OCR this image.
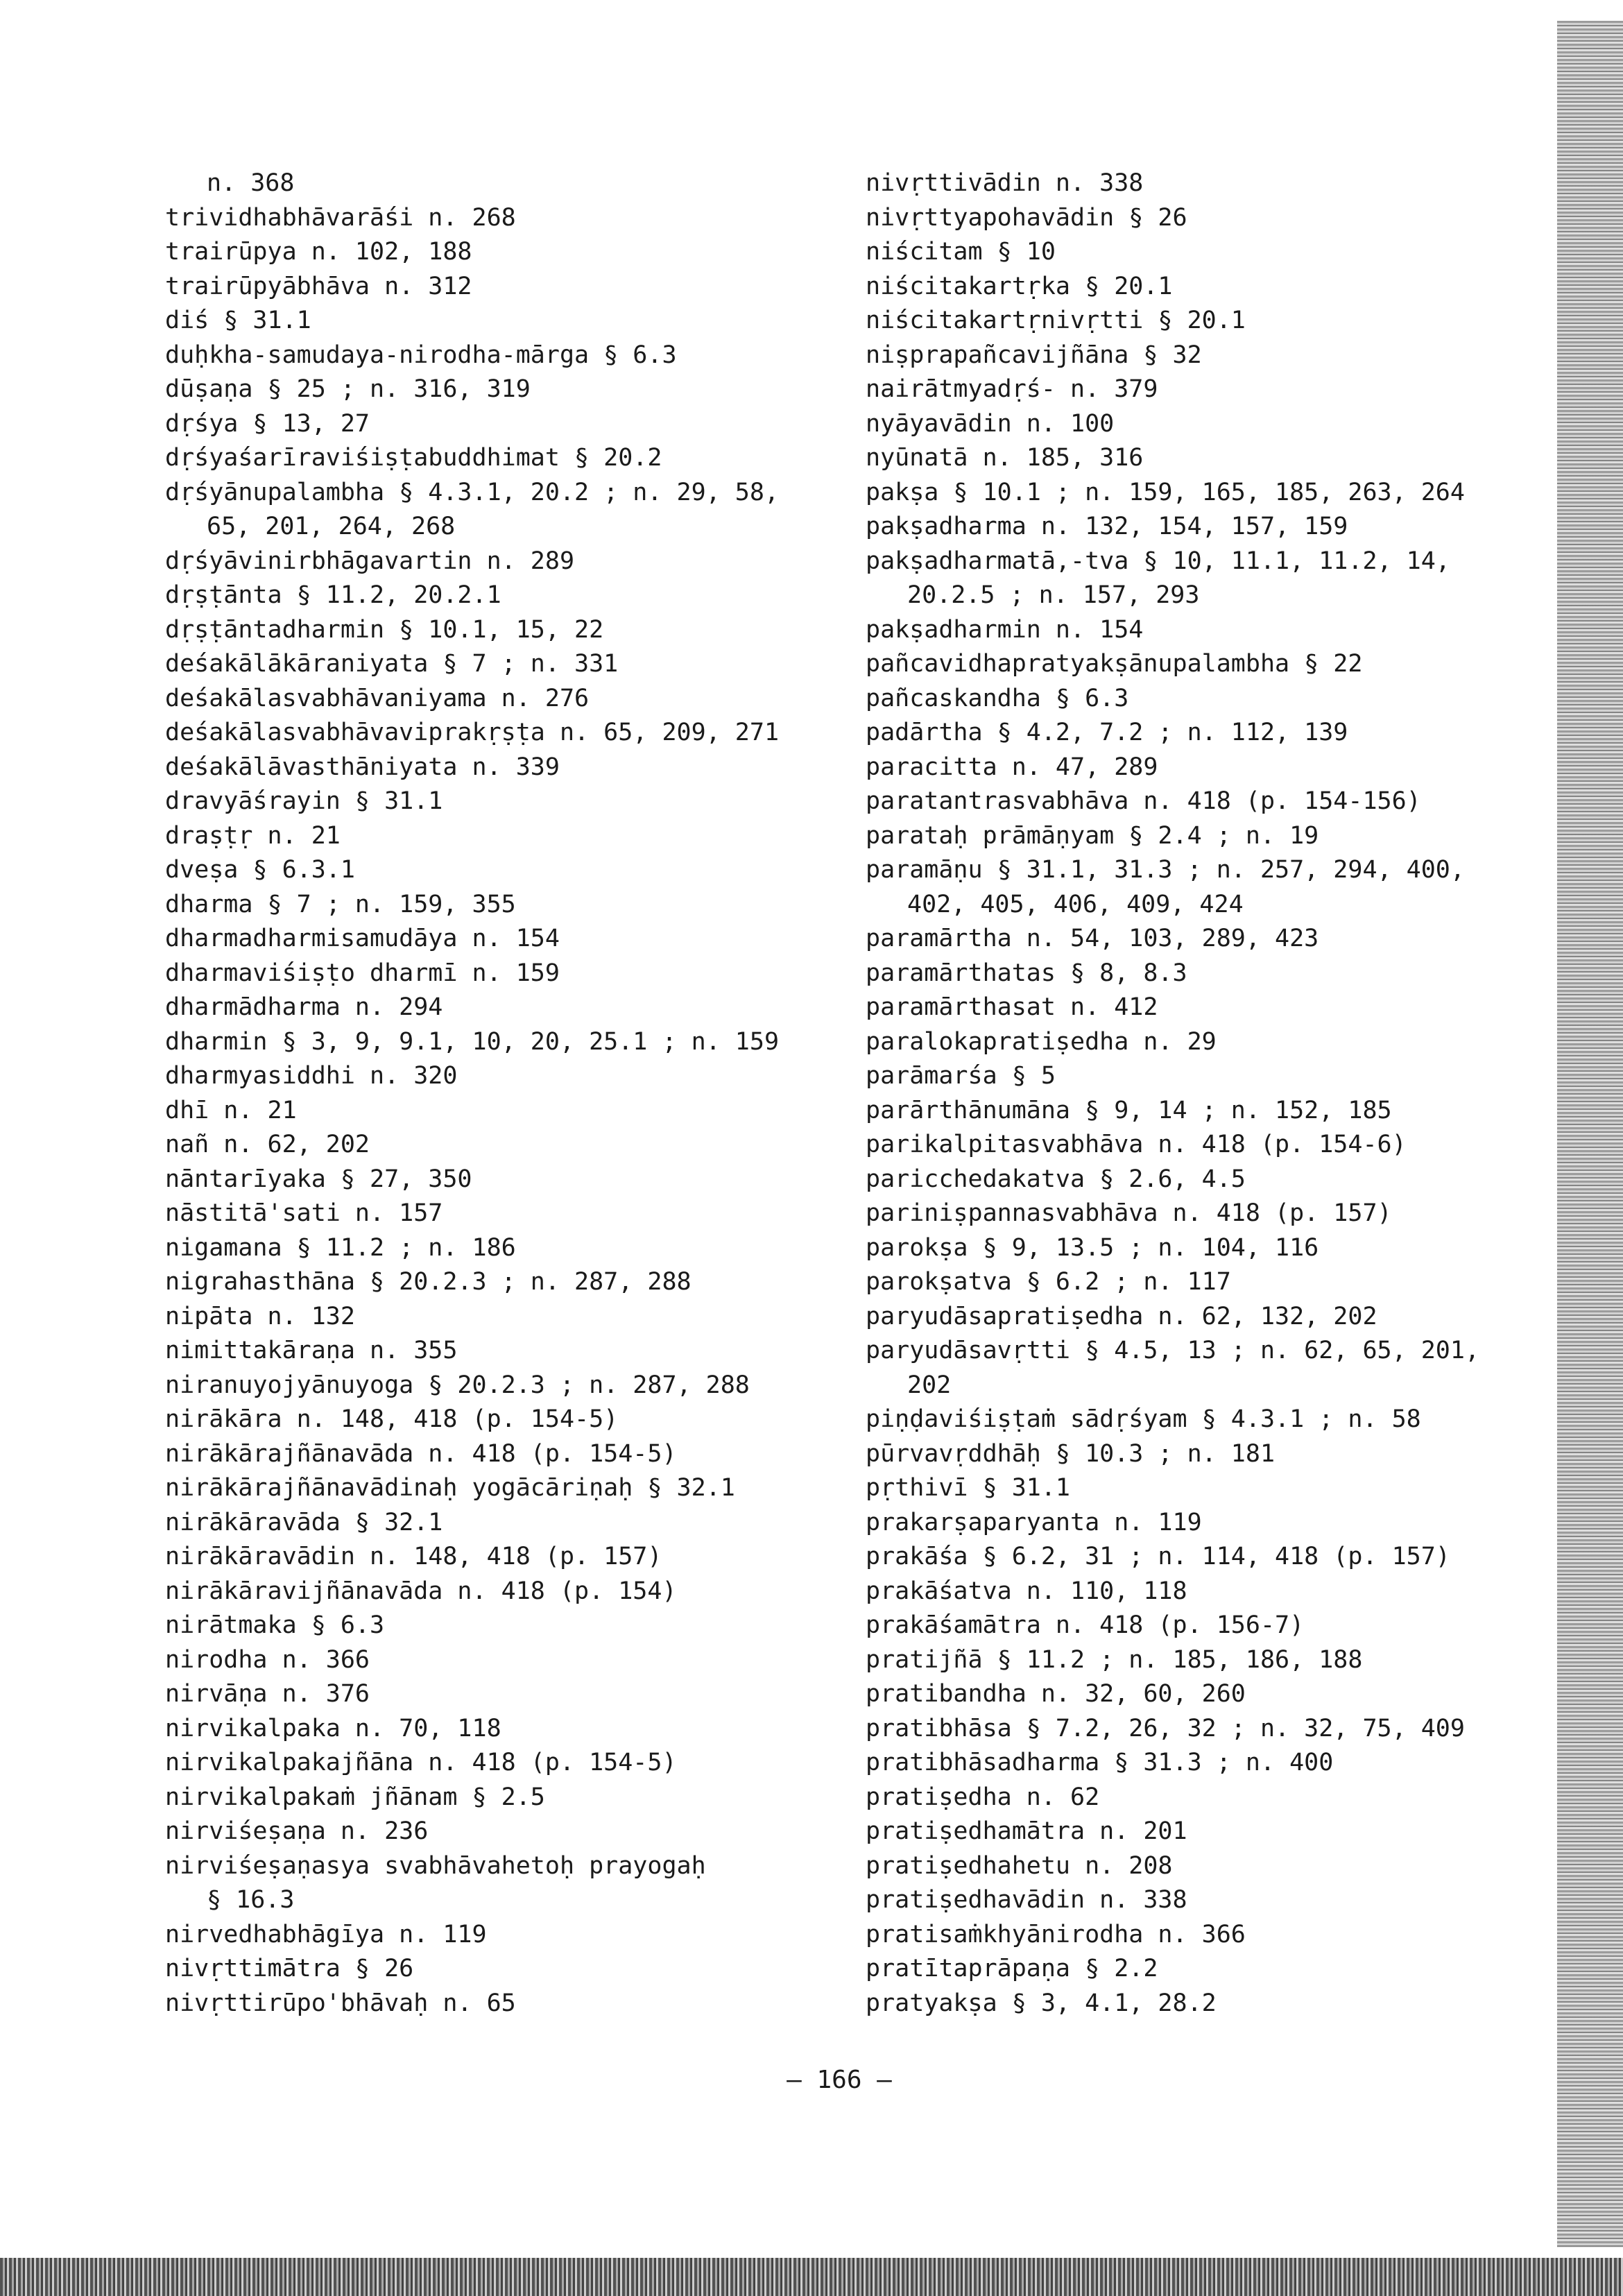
n. 368
trividhabhāvarāśi n. 268
trairūpya n. 102, 188
trairūpyābhāva n. 312
diś § 31.1
duḥkha-samudaya-nirodha-mārga § 6.3
dūṣaṇa § 25 ; n. 316, 319
dṛśya § 13, 27
dṛśyaśarīraviśiṣṭabuddhimat § 20.2
dṛśyānupalambha § 4.3.1, 20.2 ; n. 29, 58,
65, 201, 264, 268
dṛśyāvinirbhāgavartin n. 289
dṛṣṭānta § 11.2, 20.2.1
dṛṣṭāntadharmin § 10.1, 15, 22
deśakālākāraniyata § 7 ; n. 331
deśakālasvabhāvaniyama n. 276
deśakālasvabhāvaviprakṛṣṭa n. 65, 209, 271
deśakālāvasthāniyata n. 339
dravyāśrayin § 31.1
draṣṭṛ n. 21
dveṣa § 6.3.1
dharma § 7 ; n. 159, 355
dharmadharmisamudāya n. 154
dharmaviśiṣṭo dharmī n. 159
dharmādharma n. 294
dharmin § 3, 9, 9.1, 10, 20, 25.1 ; n. 159
dharmyasiddhi n. 320
dhī n. 21
nañ n. 62, 202
nāntarīyaka § 27, 350
nāstitā'sati n. 157
nigamana § 11.2 ; n. 186
nigrahasthāna § 20.2.3 ; n. 287, 288
nipāta n. 132
nimittakāraṇa n. 355
niranuyojyānuyoga § 20.2.3 ; n. 287, 288
nirākāra n. 148, 418 (p. 154-5)
nirākārajñānavāda n. 418 (p. 154-5)
nirākārajñānavādinaḥ yogācāriṇaḥ § 32.1
nirākāravāda § 32.1
nirākāravādin n. 148, 418 (p. 157)
nirākāravijñānavāda n. 418 (p. 154)
nirātmaka § 6.3
nirodha n. 366
nirvāṇa n. 376
nirvikalpaka n. 70, 118
nirvikalpakajñāna n. 418 (p. 154-5)
nirvikalpakaṁ jñānam § 2.5
nirviśeṣaṇa n. 236
nirviśeṣaṇasya svabhāvahetoḥ prayogaḥ
§ 16.3
nirvedhabhāgīya n. 119
nivṛttimātra § 26
nivṛttirūpo'bhāvaḥ n. 65
nivṛttivādin n. 338
nivṛttyapohavādin § 26
niścitam § 10
niścitakartṛka § 20.1
niścitakartṛnivṛtti § 20.1
niṣprapañcavijñāna § 32
nairātmyadṛś- n. 379
nyāyavādin n. 100
nyūnatā n. 185, 316
pakṣa § 10.1 ; n. 159, 165, 185, 263, 264
pakṣadharma n. 132, 154, 157, 159
pakṣadharmatā,-tva § 10, 11.1, 11.2, 14,
20.2.5 ; n. 157, 293
pakṣadharmin n. 154
pañcavidhapratyakṣānupalambha § 22
pañcaskandha § 6.3
padārtha § 4.2, 7.2 ; n. 112, 139
paracitta n. 47, 289
paratantrasvabhāva n. 418 (p. 154-156)
parataḥ prāmāṇyam § 2.4 ; n. 19
paramāṇu § 31.1, 31.3 ; n. 257, 294, 400,
402, 405, 406, 409, 424
paramārtha n. 54, 103, 289, 423
paramārthatas § 8, 8.3
paramārthasat n. 412
paralokapratiṣedha n. 29
parāmarśa § 5
parārthānumāna § 9, 14 ; n. 152, 185
parikalpitasvabhāva n. 418 (p. 154-6)
paricchedakatva § 2.6, 4.5
pariniṣpannasvabhāva n. 418 (p. 157)
parokṣa § 9, 13.5 ; n. 104, 116
parokṣatva § 6.2 ; n. 117
paryudāsapratiṣedha n. 62, 132, 202
paryudāsavṛtti § 4.5, 13 ; n. 62, 65, 201,
202
piṇḍaviśiṣṭaṁ sādṛśyam § 4.3.1 ; n. 58
pūrvavṛddhāḥ § 10.3 ; n. 181
pṛthivī § 31.1
prakarṣaparyanta n. 119
prakāśa § 6.2, 31 ; n. 114, 418 (p. 157)
prakāśatva n. 110, 118
prakāśamātra n. 418 (p. 156-7)
pratijñā § 11.2 ; n. 185, 186, 188
pratibandha n. 32, 60, 260
pratibhāsa § 7.2, 26, 32 ; n. 32, 75, 409
pratibhāsadharma § 31.3 ; n. 400
pratiṣedha n. 62
pratiṣedhamātra n. 201
pratiṣedhahetu n. 208
pratiṣedhavādin n. 338
pratisaṁkhyānirodha n. 366
pratītaprāpaṇa § 2.2
pratyakṣa § 3, 4.1, 28.2
— 166 —
